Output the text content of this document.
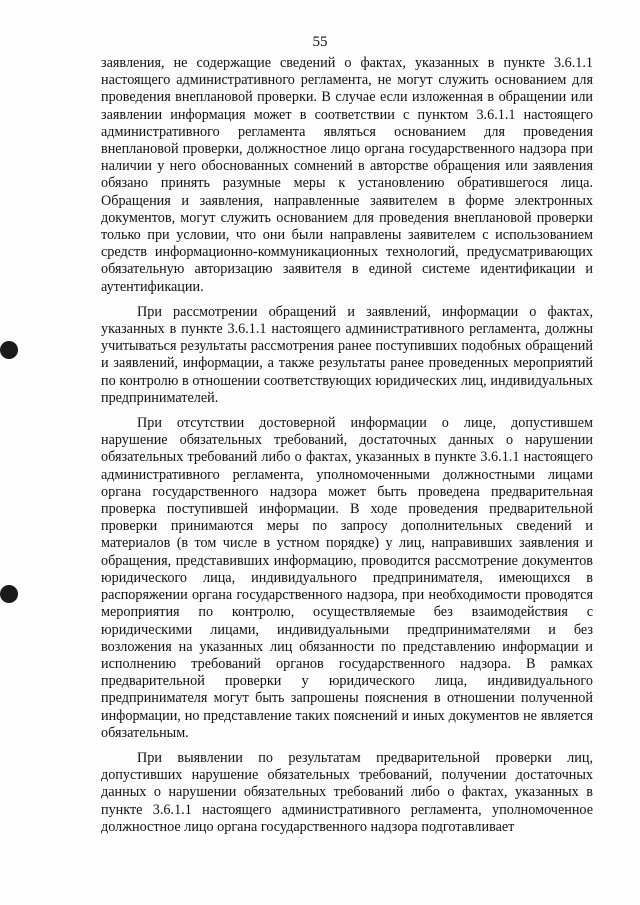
55

заявления, не содержащие сведений о фактах, указанных в пункте 3.6.1.1 настоящего административного регламента, не могут служить основанием для проведения внеплановой проверки. В случае если изложенная в обращении или заявлении информация может в соответствии с пунктом 3.6.1.1 настоящего административного регламента являться основанием для проведения внеплановой проверки, должностное лицо органа государственного надзора при наличии у него обоснованных сомнений в авторстве обращения или заявления обязано принять разумные меры к установлению обратившегося лица. Обращения и заявления, направленные заявителем в форме электронных документов, могут служить основанием для проведения внеплановой проверки только при условии, что они были направлены заявителем с использованием средств информационно-коммуникационных технологий, предусматривающих обязательную авторизацию заявителя в единой системе идентификации и аутентификации.

При рассмотрении обращений и заявлений, информации о фактах, указанных в пункте 3.6.1.1 настоящего административного регламента, должны учитываться результаты рассмотрения ранее поступивших подобных обращений и заявлений, информации, а также результаты ранее проведенных мероприятий по контролю в отношении соответствующих юридических лиц, индивидуальных предпринимателей.

При отсутствии достоверной информации о лице, допустившем нарушение обязательных требований, достаточных данных о нарушении обязательных требований либо о фактах, указанных в пункте 3.6.1.1 настоящего административного регламента, уполномоченными должностными лицами органа государственного надзора может быть проведена предварительная проверка поступившей информации. В ходе проведения предварительной проверки принимаются меры по запросу дополнительных сведений и материалов (в том числе в устном порядке) у лиц, направивших заявления и обращения, представивших информацию, проводится рассмотрение документов юридического лица, индивидуального предпринимателя, имеющихся в распоряжении органа государственного надзора, при необходимости проводятся мероприятия по контролю, осуществляемые без взаимодействия с юридическими лицами, индивидуальными предпринимателями и без возложения на указанных лиц обязанности по представлению информации и исполнению требований органов государственного надзора. В рамках предварительной проверки у юридического лица, индивидуального предпринимателя могут быть запрошены пояснения в отношении полученной информации, но представление таких пояснений и иных документов не является обязательным.

При выявлении по результатам предварительной проверки лиц, допустивших нарушение обязательных требований, получении достаточных данных о нарушении обязательных требований либо о фактах, указанных в пункте 3.6.1.1 настоящего административного регламента, уполномоченное должностное лицо органа государственного надзора подготавливает
